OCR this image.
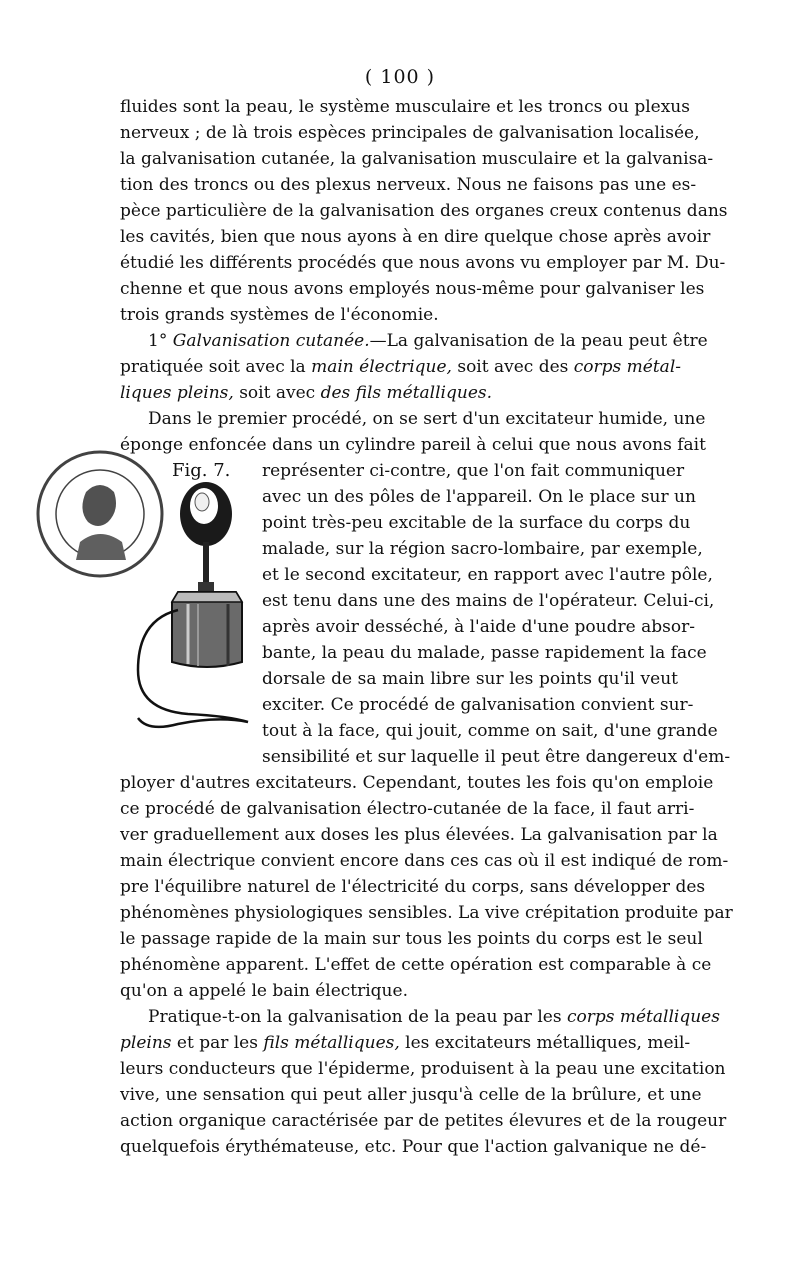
( 100 )
fluides sont la peau, le système musculaire et les troncs ou plexus
nerveux ; de là trois espèces principales de galvanisation localisée,
la galvanisation cutanée, la galvanisation musculaire et la galvanisa-
tion des troncs ou des plexus nerveux. Nous ne faisons pas une es-
pèce particulière de la galvanisation des organes creux contenus dans
les cavités, bien que nous ayons à en dire quelque chose après avoir
étudié les différents procédés que nous avons vu employer par M. Du-
chenne et que nous avons employés nous-même pour galvaniser les
trois grands systèmes de l'économie.
1° Galvanisation cutanée.—La galvanisation de la peau peut être
pratiquée soit avec la main électrique, soit avec des corps métal-
liques pleins, soit avec des fils métalliques.
Dans le premier procédé, on se sert d'un excitateur humide, une
éponge enfoncée dans un cylindre pareil à celui que nous avons fait
représenter ci-contre, que l'on fait communiquer
avec un des pôles de l'appareil. On le place sur un
point très-peu excitable de la surface du corps du
malade, sur la région sacro-lombaire, par exemple,
et le second excitateur, en rapport avec l'autre pôle,
est tenu dans une des mains de l'opérateur. Celui-ci,
après avoir desséché, à l'aide d'une poudre absor-
bante, la peau du malade, passe rapidement la face
dorsale de sa main libre sur les points qu'il veut
exciter. Ce procédé de galvanisation convient sur-
tout à la face, qui jouit, comme on sait, d'une grande
sensibilité et sur laquelle il peut être dangereux d'em-
ployer d'autres excitateurs. Cependant, toutes les fois qu'on emploie
ce procédé de galvanisation électro-cutanée de la face, il faut arri-
ver graduellement aux doses les plus élevées. La galvanisation par la
main électrique convient encore dans ces cas où il est indiqué de rom-
pre l'équilibre naturel de l'électricité du corps, sans développer des
phénomènes physiologiques sensibles. La vive crépitation produite par
le passage rapide de la main sur tous les points du corps est le seul
phénomène apparent. L'effet de cette opération est comparable à ce
qu'on a appelé le bain électrique.
Pratique-t-on la galvanisation de la peau par les corps métalliques
pleins et par les fils métalliques, les excitateurs métalliques, meil-
leurs conducteurs que l'épiderme, produisent à la peau une excitation
vive, une sensation qui peut aller jusqu'à celle de la brûlure, et une
action organique caractérisée par de petites élevures et de la rougeur
quelquefois érythémateuse, etc. Pour que l'action galvanique ne dé-
Fig. 7.
